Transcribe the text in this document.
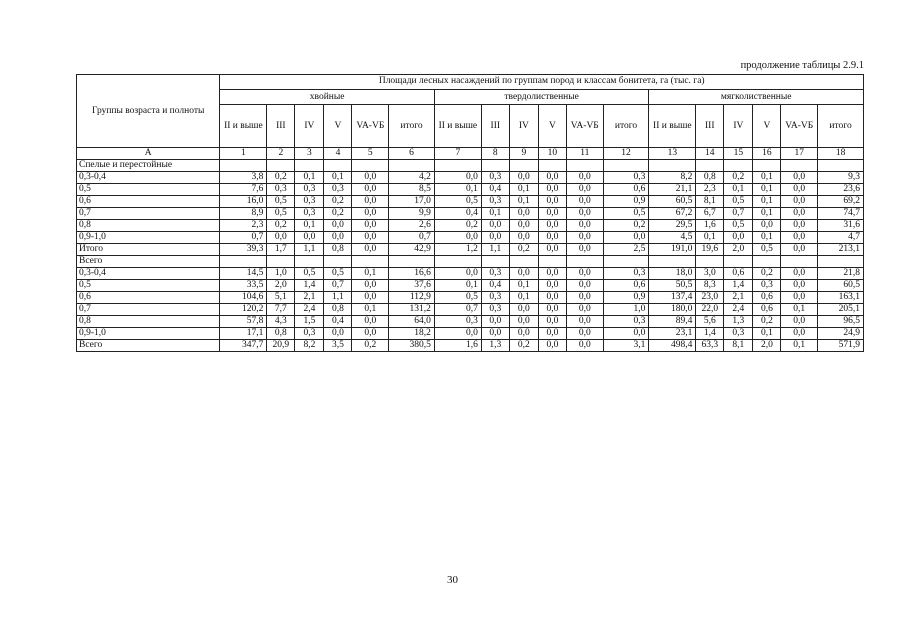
продолжение таблицы 2.9.1
Группы возраста и полноты	Площади лесных насаждений по группам пород и классам бонитета, га (тыс. га)																	
	хвойные						твердолиственные						мягколиственные					
	II и выше	III	IV	V	VA-VБ	итого	II и выше	III	IV	V	VA-VБ	итого	II и выше	III	IV	V	VA-VБ	итого
А	1	2	3	4	5	6	7	8	9	10	11	12	13	14	15	16	17	18
Спелые и перестойные																		
0,3-0,4	3,8	0,2	0,1	0,1	0,0	4,2	0,0	0,3	0,0	0,0	0,0	0,3	8,2	0,8	0,2	0,1	0,0	9,3
0,5	7,6	0,3	0,3	0,3	0,0	8,5	0,1	0,4	0,1	0,0	0,0	0,6	21,1	2,3	0,1	0,1	0,0	23,6
0,6	16,0	0,5	0,3	0,2	0,0	17,0	0,5	0,3	0,1	0,0	0,0	0,9	60,5	8,1	0,5	0,1	0,0	69,2
0,7	8,9	0,5	0,3	0,2	0,0	9,9	0,4	0,1	0,0	0,0	0,0	0,5	67,2	6,7	0,7	0,1	0,0	74,7
0,8	2,3	0,2	0,1	0,0	0,0	2,6	0,2	0,0	0,0	0,0	0,0	0,2	29,5	1,6	0,5	0,0	0,0	31,6
0,9-1,0	0,7	0,0	0,0	0,0	0,0	0,7	0,0	0,0	0,0	0,0	0,0	0,0	4,5	0,1	0,0	0,1	0,0	4,7
Итого	39,3	1,7	1,1	0,8	0,0	42,9	1,2	1,1	0,2	0,0	0,0	2,5	191,0	19,6	2,0	0,5	0,0	213,1
Всего																		
0,3-0,4	14,5	1,0	0,5	0,5	0,1	16,6	0,0	0,3	0,0	0,0	0,0	0,3	18,0	3,0	0,6	0,2	0,0	21,8
0,5	33,5	2,0	1,4	0,7	0,0	37,6	0,1	0,4	0,1	0,0	0,0	0,6	50,5	8,3	1,4	0,3	0,0	60,5
0,6	104,6	5,1	2,1	1,1	0,0	112,9	0,5	0,3	0,1	0,0	0,0	0,9	137,4	23,0	2,1	0,6	0,0	163,1
0,7	120,2	7,7	2,4	0,8	0,1	131,2	0,7	0,3	0,0	0,0	0,0	1,0	180,0	22,0	2,4	0,6	0,1	205,1
0,8	57,8	4,3	1,5	0,4	0,0	64,0	0,3	0,0	0,0	0,0	0,0	0,3	89,4	5,6	1,3	0,2	0,0	96,5
0,9-1,0	17,1	0,8	0,3	0,0	0,0	18,2	0,0	0,0	0,0	0,0	0,0	0,0	23,1	1,4	0,3	0,1	0,0	24,9
Всего	347,7	20,9	8,2	3,5	0,2	380,5	1,6	1,3	0,2	0,0	0,0	3,1	498,4	63,3	8,1	2,0	0,1	571,9
30
